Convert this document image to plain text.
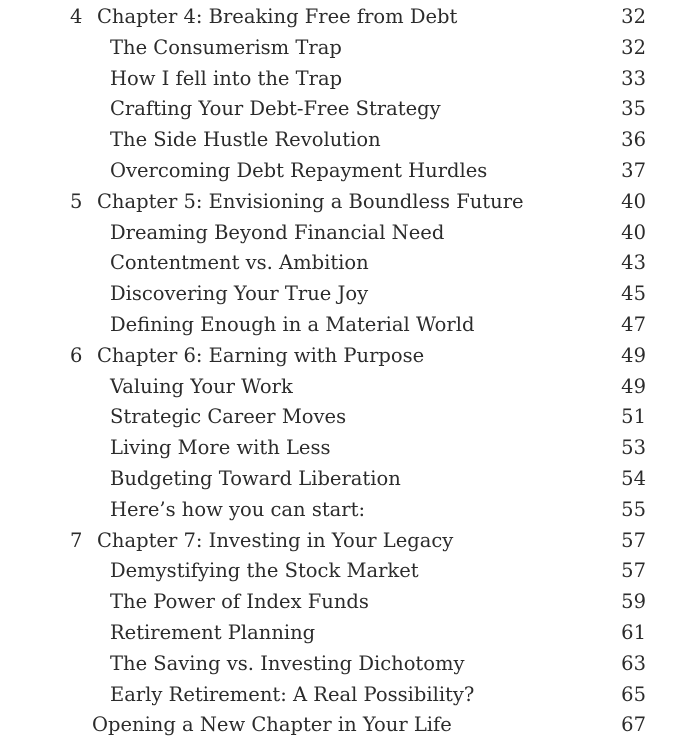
4 Chapter 4: Breaking Free from Debt	32
The Consumerism Trap	32
How I fell into the Trap	33
Crafting Your Debt-Free Strategy	35
The Side Hustle Revolution	36
Overcoming Debt Repayment Hurdles	37
5 Chapter 5: Envisioning a Boundless Future	40
Dreaming Beyond Financial Need	40
Contentment vs. Ambition	43
Discovering Your True Joy	45
Defining Enough in a Material World	47
6 Chapter 6: Earning with Purpose	49
Valuing Your Work	49
Strategic Career Moves	51
Living More with Less	53
Budgeting Toward Liberation	54
Here’s how you can start:	55
7 Chapter 7: Investing in Your Legacy	57
Demystifying the Stock Market	57
The Power of Index Funds	59
Retirement Planning	61
The Saving vs. Investing Dichotomy	63
Early Retirement: A Real Possibility?	65
Opening a New Chapter in Your Life	67
